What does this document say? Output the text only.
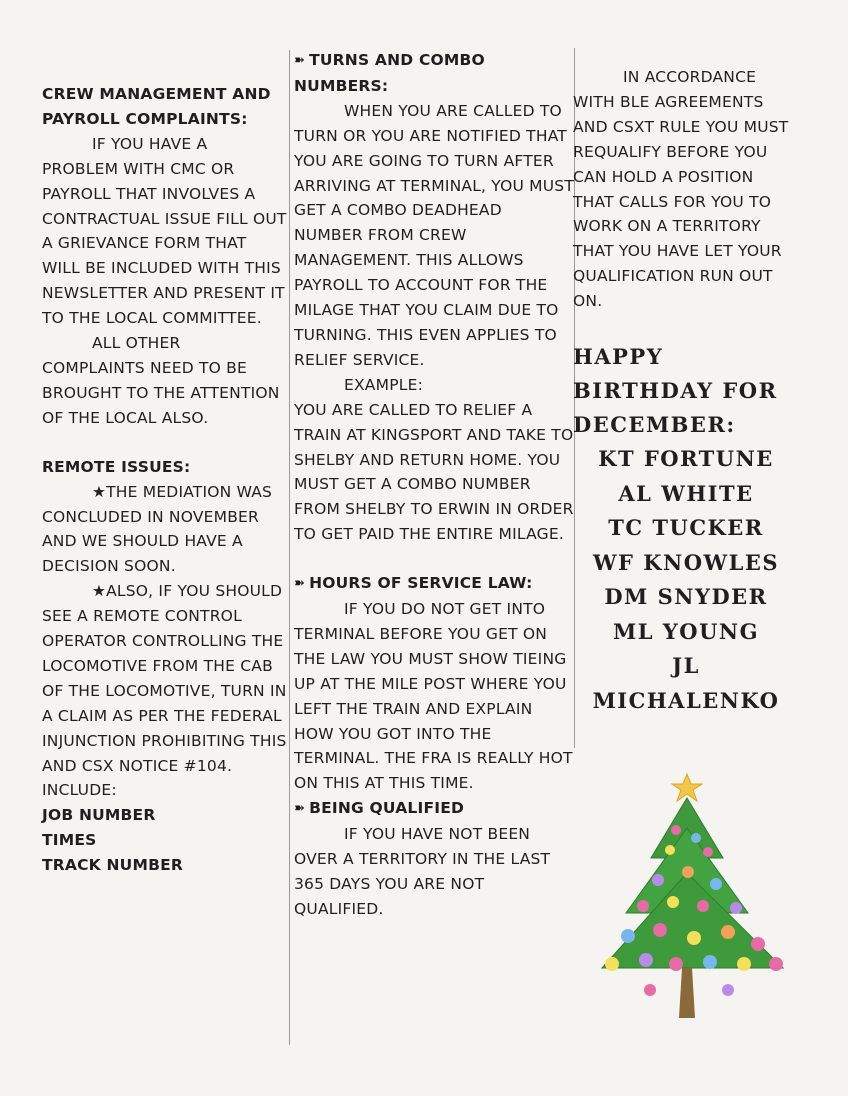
CREW MANAGEMENT AND PAYROLL COMPLAINTS:

IF YOU HAVE A PROBLEM WITH CMC OR PAYROLL THAT INVOLVES A CONTRACTUAL ISSUE FILL OUT A GRIEVANCE FORM THAT WILL BE INCLUDED WITH THIS NEWSLETTER AND PRESENT IT TO THE LOCAL COMMITTEE.

ALL OTHER COMPLAINTS NEED TO BE BROUGHT TO THE ATTENTION OF THE LOCAL ALSO.

REMOTE ISSUES:

★THE MEDIATION WAS CONCLUDED IN NOVEMBER AND WE SHOULD HAVE A DECISION SOON.

★ALSO, IF YOU SHOULD SEE A REMOTE CONTROL OPERATOR CONTROLLING THE LOCOMOTIVE FROM THE CAB OF THE LOCOMOTIVE, TURN IN A CLAIM AS PER THE FEDERAL INJUNCTION PROHIBITING THIS AND CSX NOTICE #104.

INCLUDE:

JOB NUMBER

TIMES

TRACK NUMBER

➽ TURNS AND COMBO NUMBERS:

WHEN YOU ARE CALLED TO TURN OR YOU ARE NOTIFIED THAT YOU ARE GOING TO TURN AFTER ARRIVING AT TERMINAL, YOU MUST GET A COMBO DEADHEAD NUMBER FROM CREW MANAGEMENT. THIS ALLOWS PAYROLL TO ACCOUNT FOR THE MILAGE THAT YOU CLAIM DUE TO TURNING. THIS EVEN APPLIES TO RELIEF SERVICE.

EXAMPLE:

YOU ARE CALLED TO RELIEF A TRAIN AT KINGSPORT AND TAKE TO SHELBY AND RETURN HOME. YOU MUST GET A COMBO NUMBER FROM SHELBY TO ERWIN IN ORDER TO GET PAID THE ENTIRE MILAGE.

➽ HOURS OF SERVICE LAW:

IF YOU DO NOT GET INTO TERMINAL BEFORE YOU GET ON THE LAW YOU MUST SHOW TIEING UP AT THE MILE POST WHERE YOU LEFT THE TRAIN AND EXPLAIN HOW YOU GOT INTO THE TERMINAL. THE FRA IS REALLY HOT ON THIS AT THIS TIME.

➽ BEING QUALIFIED

IF YOU HAVE NOT BEEN OVER A TERRITORY IN THE LAST 365 DAYS YOU ARE NOT QUALIFIED.

IN ACCORDANCE WITH BLE AGREEMENTS AND CSXT RULE YOU MUST REQUALIFY BEFORE YOU CAN HOLD A POSITION THAT CALLS FOR YOU TO WORK ON A TERRITORY THAT YOU HAVE LET YOUR QUALIFICATION RUN OUT ON.

HAPPY
BIRTHDAY FOR
DECEMBER:
KT FORTUNE
AL WHITE
TC TUCKER
WF KNOWLES
DM SNYDER
ML YOUNG
JL
MICHALENKO
